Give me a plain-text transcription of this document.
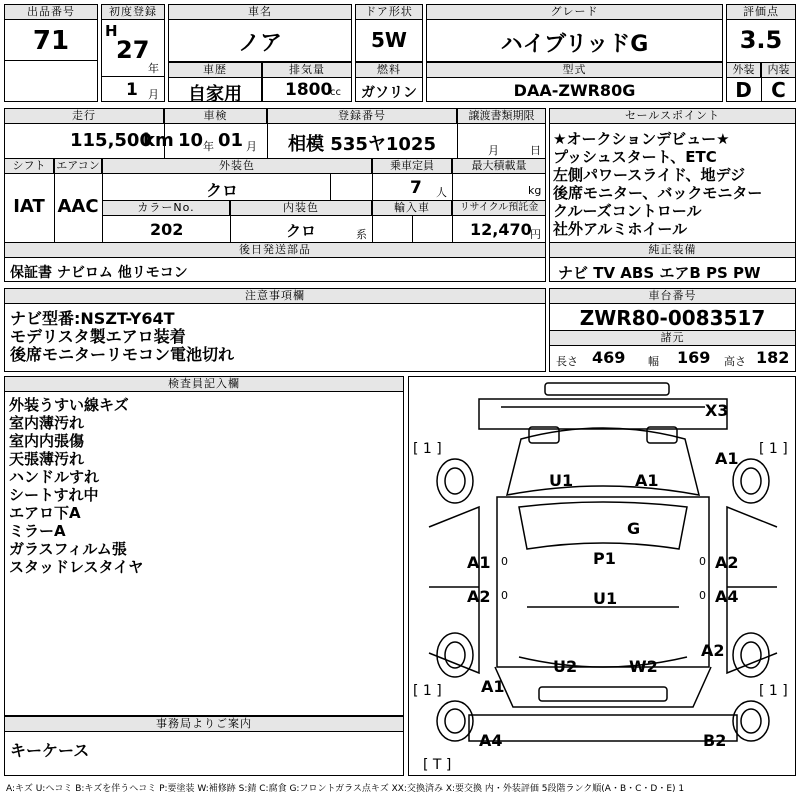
出品番号
71
初度登録
H
27
年
1 月
車名
ノア
ドア形状
5W
グレード
ハイブリッドG
評価点
3.5
外装	内装
D C
車歴
自家用
排気量
1800
cc
燃料
ガソリン
型式
DAA-ZWR80G
走行
115,500
km
車検
10 年 01 月
登録番号
相模 535ヤ1025
譲渡書類期限
月	日
シフト エアコン
IAT AAC
外装色
クロ
乗車定員
7 人
最大積載量
kg
カラーNo.
202
内装色
クロ	系
輸入車	リサイクル預託金
12,470
円
後日発送部品
保証書 ナビロム 他リモコン
セールスポイント
★オークションデビュー★
プッシュスタート、ETC
左側パワースライド、地デジ
後席モニター、バックモニター
クルーズコントロール
社外アルミホイール
純正装備
ナビ TV ABS エアB PS PW
注意事項欄
ナビ型番:NSZT-Y64T
モデリスタ製エアロ装着
後席モニターリモコン電池切れ
車台番号
ZWR80-0083517
諸元
長さ 469 幅 169 高さ 182
検査員記入欄
外装うすい線キズ
室内薄汚れ
室内内張傷
天張薄汚れ
ハンドルすれ
シートすれ中
エアロ下A
ミラーA
ガラスフィルム張
スタッドレスタイヤ
事務局よりご案内
キーケース
[ 1 ]	[ 1 ]
[ 1 ]	[ 1 ]
[ T ]
X3
U1	A1
A1
G
A1 0	P1	A2
0
A2 0	U1	A4
0
A2
U2	W2
A1
A4	B2
A:キズ U:ヘコミ B:キズを伴うヘコミ P:要塗装 W:補修跡 S:錆 C:腐食 G:フロントガラス点キズ XX:交換済み X:要交換 内・外装評価 5段階ランク順(A・B・C・D・E) 1
